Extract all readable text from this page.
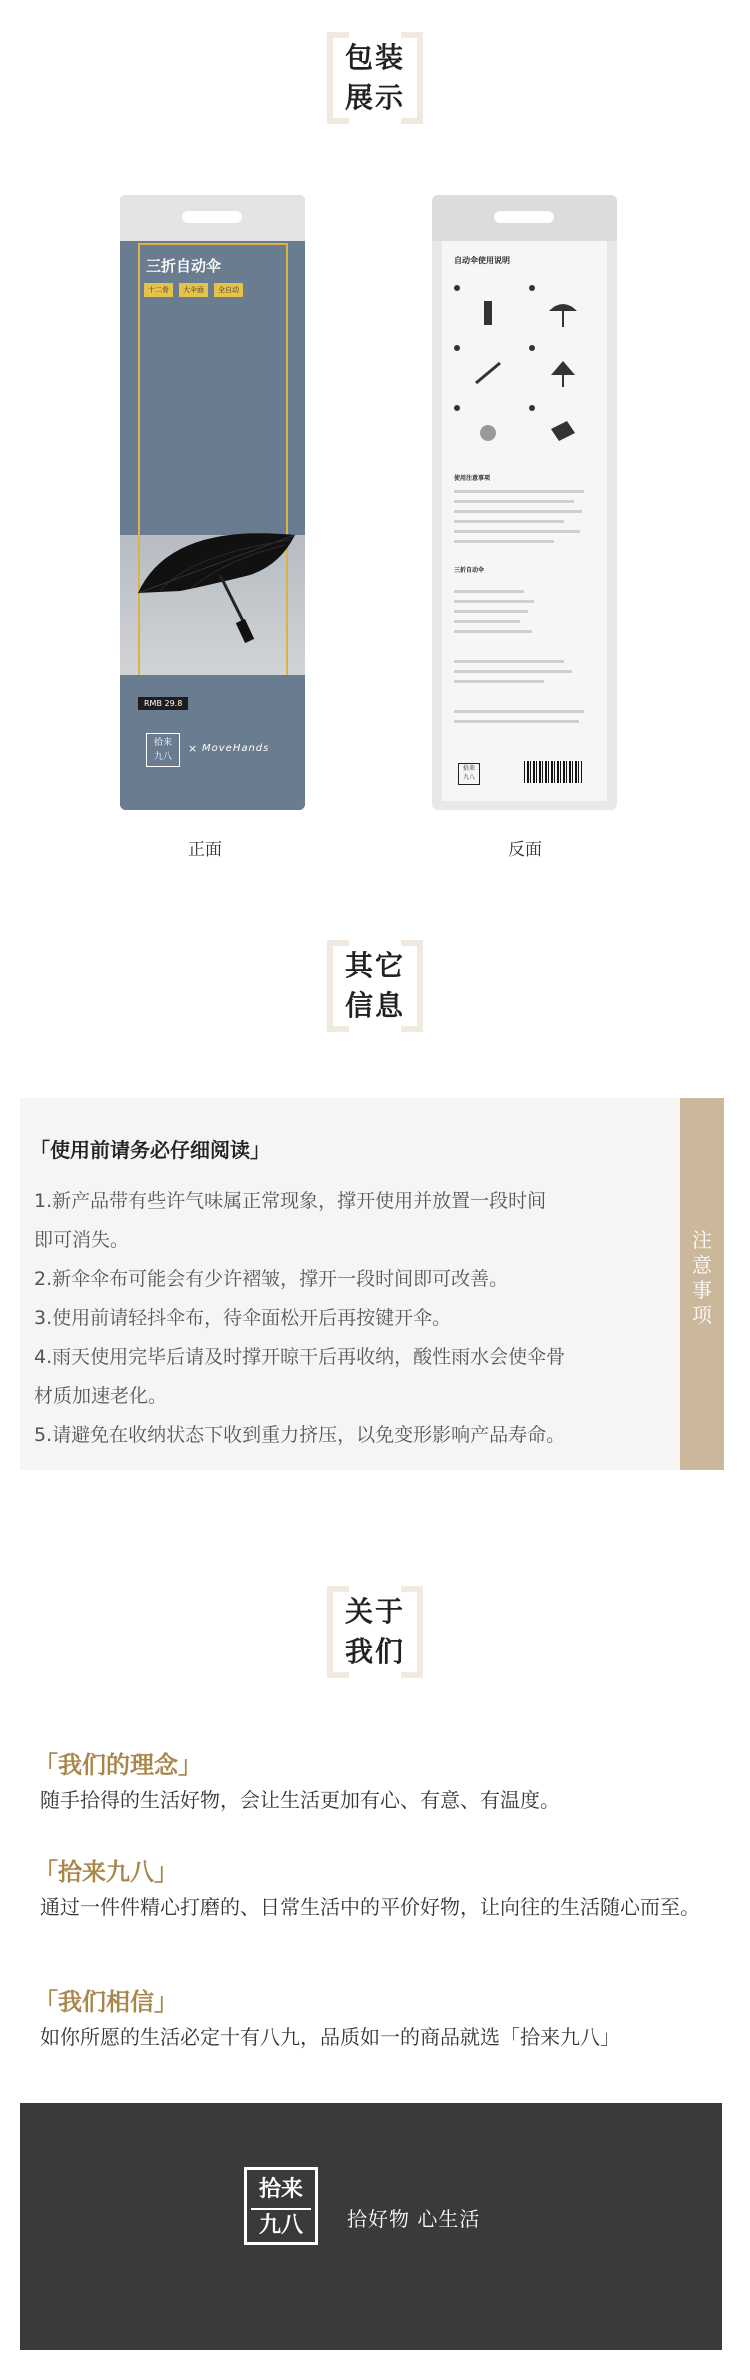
包装
展示
三折自动伞
十二骨	大伞面	全自动
RMB 29.8
拾来
九八
× MoveHands
自动伞使用说明
使用注意事项
三折自动伞
拾来
九八
正面	反面
其它
信息
「使用前请务必仔细阅读」
1.新产品带有些许气味属正常现象，撑开使用并放置一段时间
即可消失。
2.新伞伞布可能会有少许褶皱，撑开一段时间即可改善。
3.使用前请轻抖伞布，待伞面松开后再按键开伞。
4.雨天使用完毕后请及时撑开晾干后再收纳，酸性雨水会使伞骨
材质加速老化。
5.请避免在收纳状态下收到重力挤压，以免变形影响产品寿命。
注
意
事
项
关于
我们
「我们的理念」
随手拾得的生活好物，会让生活更加有心、有意、有温度。
「拾来九八」
通过一件件精心打磨的、日常生活中的平价好物，让向往的生活随心而至。
「我们相信」
如你所愿的生活必定十有八九，品质如一的商品就选「拾来九八」
拾来
九八	拾好物 心生活
